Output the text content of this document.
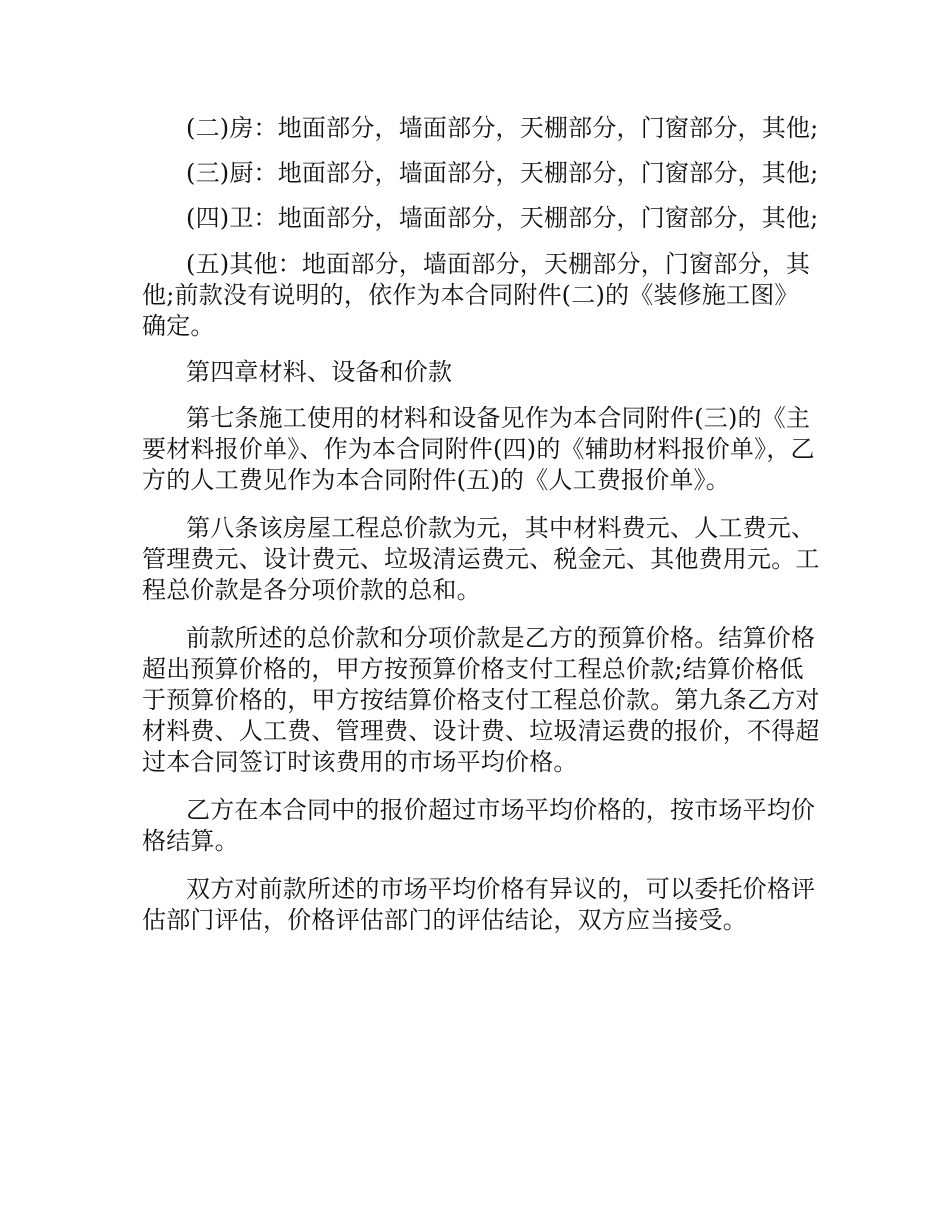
(二)房：地面部分，墙面部分，天棚部分，门窗部分，其他;

(三)厨：地面部分，墙面部分，天棚部分，门窗部分，其他;

(四)卫：地面部分，墙面部分，天棚部分，门窗部分，其他;

(五)其他：地面部分，墙面部分，天棚部分，门窗部分，其他;前款没有说明的，依作为本合同附件(二)的《装修施工图》确定。

第四章材料、设备和价款

第七条施工使用的材料和设备见作为本合同附件(三)的《主要材料报价单》、作为本合同附件(四)的《辅助材料报价单》，乙方的人工费见作为本合同附件(五)的《人工费报价单》。

第八条该房屋工程总价款为元，其中材料费元、人工费元、管理费元、设计费元、垃圾清运费元、税金元、其他费用元。工程总价款是各分项价款的总和。

前款所述的总价款和分项价款是乙方的预算价格。结算价格超出预算价格的，甲方按预算价格支付工程总价款;结算价格低于预算价格的，甲方按结算价格支付工程总价款。第九条乙方对材料费、人工费、管理费、设计费、垃圾清运费的报价，不得超过本合同签订时该费用的市场平均价格。

乙方在本合同中的报价超过市场平均价格的，按市场平均价格结算。

双方对前款所述的市场平均价格有异议的，可以委托价格评估部门评估，价格评估部门的评估结论，双方应当接受。
